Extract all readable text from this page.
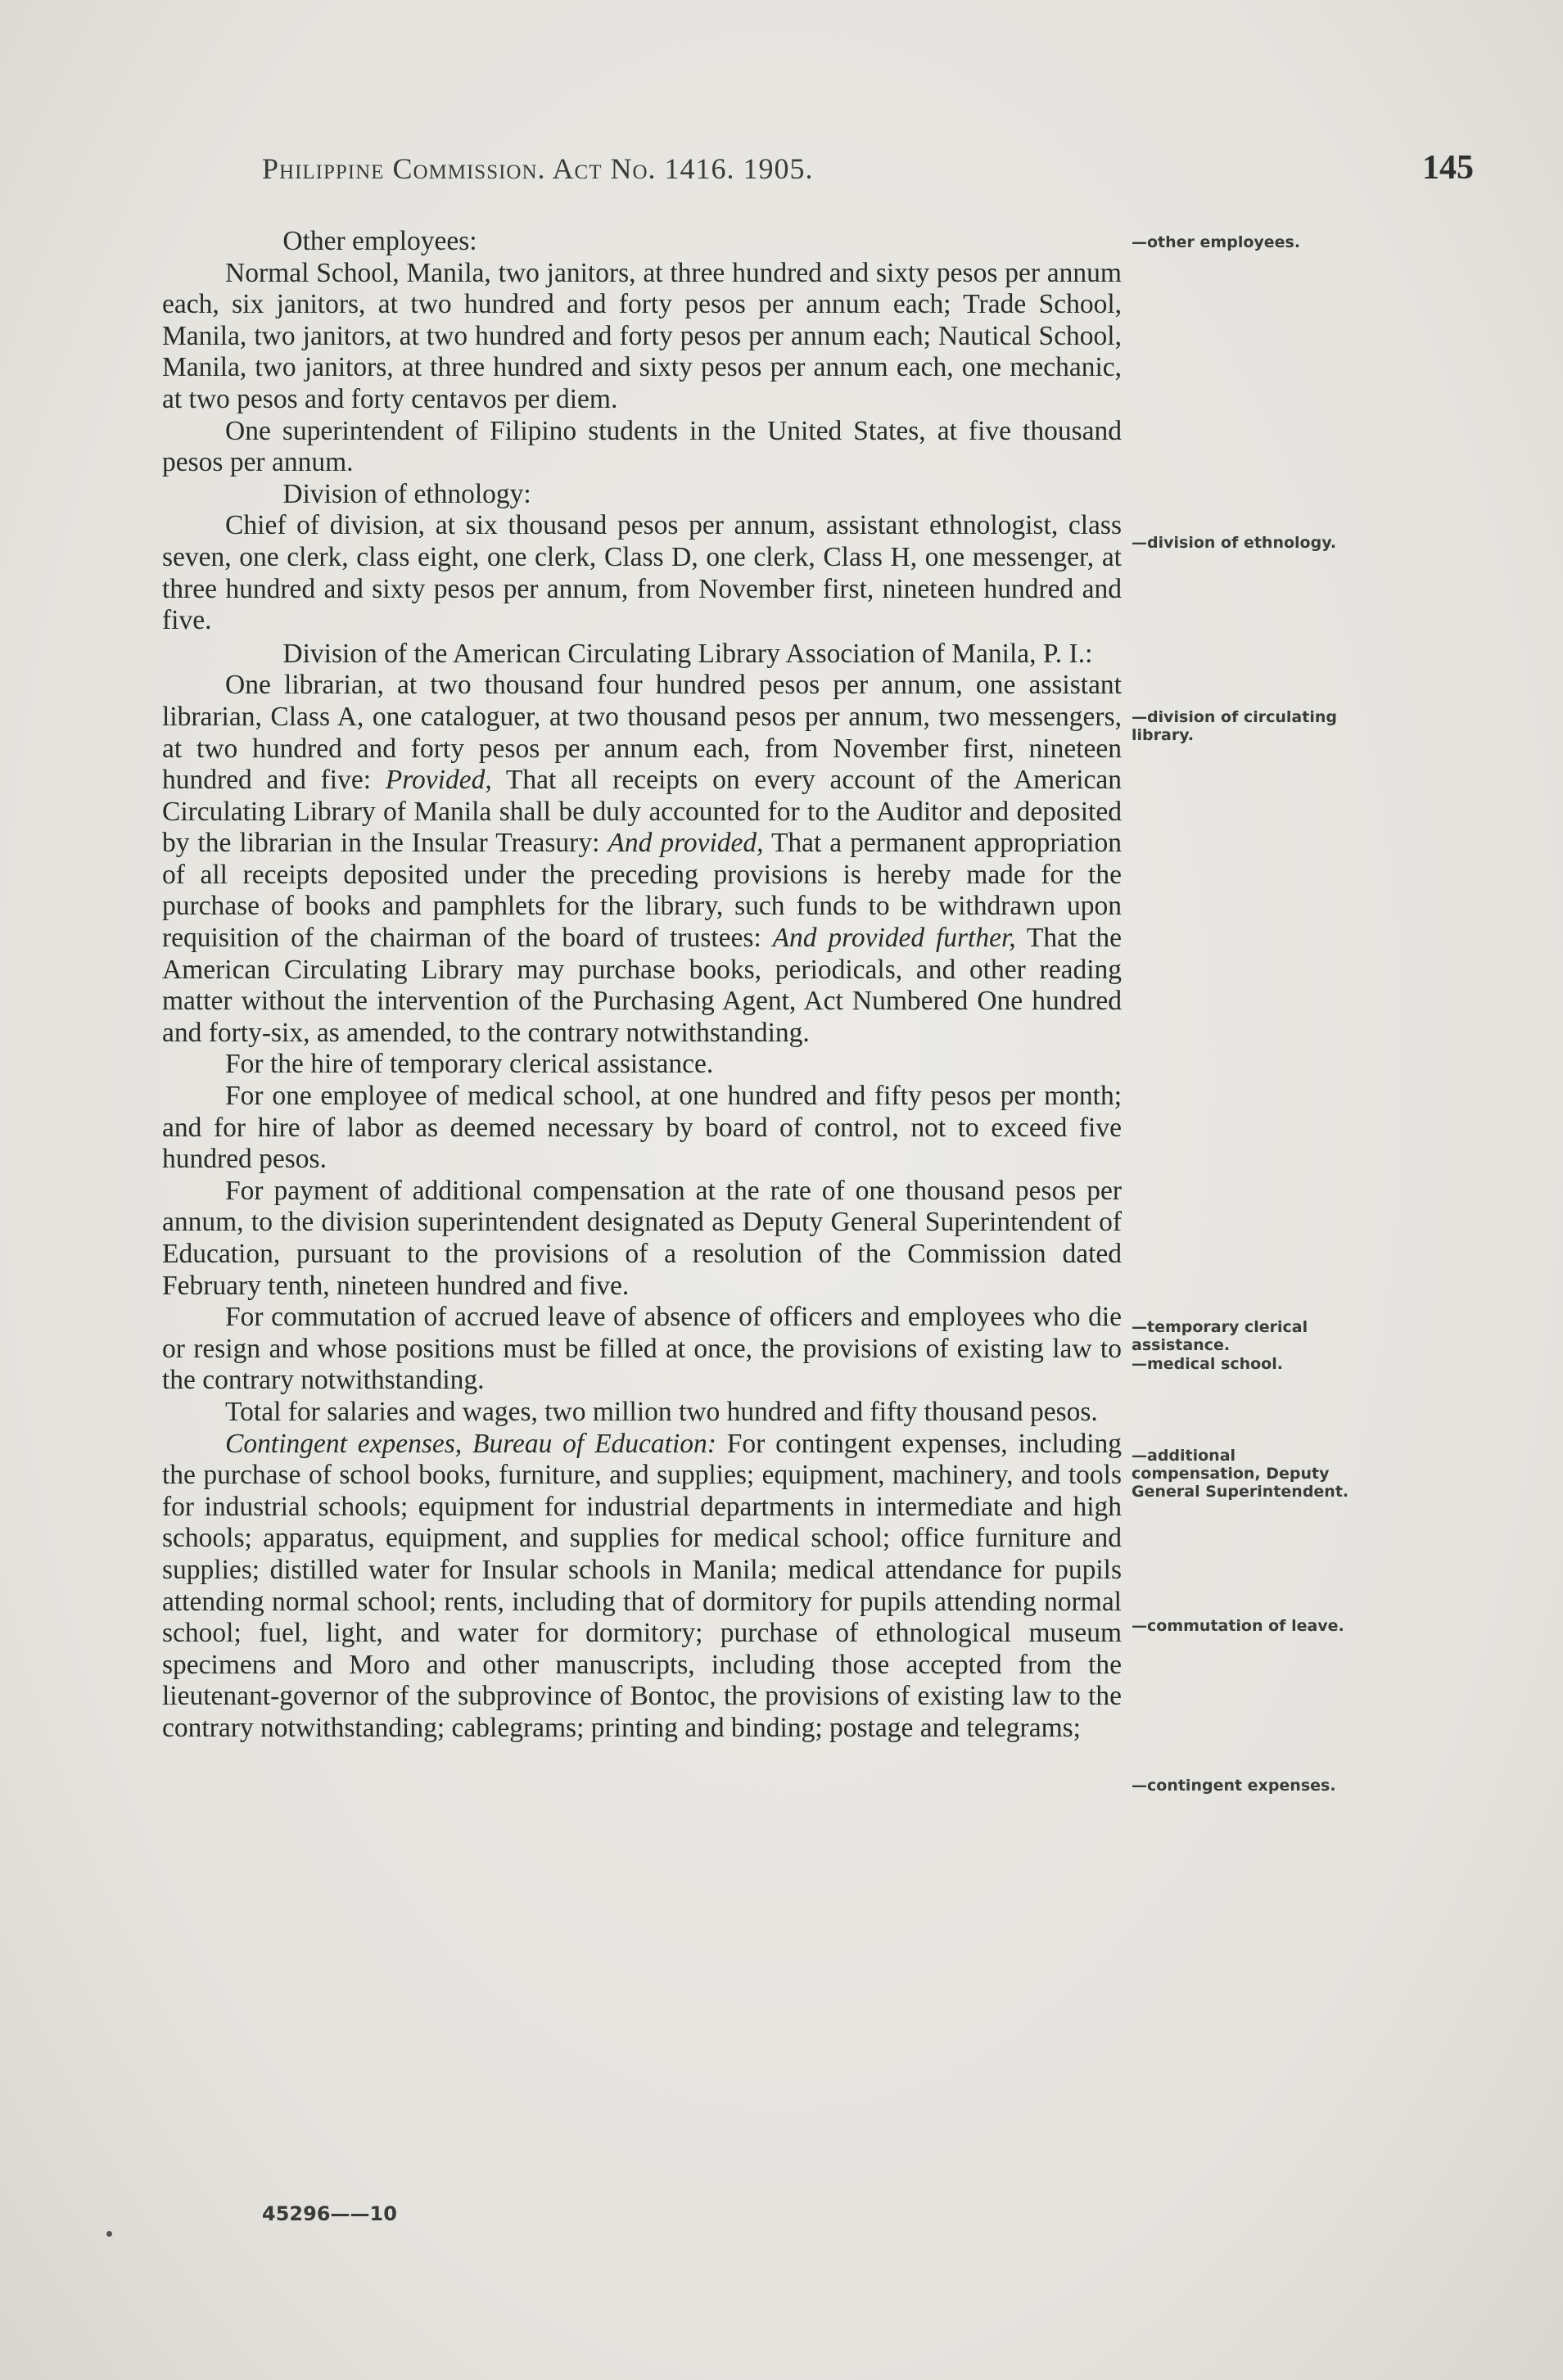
Philippine Commission. Act No. 1416. 1905.	145

Other employees:

Normal School, Manila, two janitors, at three hundred and sixty pesos per annum each, six janitors, at two hundred and forty pesos per annum each; Trade School, Manila, two janitors, at two hundred and forty pesos per annum each; Nautical School, Manila, two janitors, at three hundred and sixty pesos per annum each, one mechanic, at two pesos and forty centavos per diem.

One superintendent of Filipino students in the United States, at five thousand pesos per annum.

Division of ethnology:

Chief of division, at six thousand pesos per annum, assistant ethnologist, class seven, one clerk, class eight, one clerk, Class D, one clerk, Class H, one messenger, at three hundred and sixty pesos per annum, from November first, nineteen hundred and five.

Division of the American Circulating Library Association of Manila, P. I.:

One librarian, at two thousand four hundred pesos per annum, one assistant librarian, Class A, one cataloguer, at two thousand pesos per annum, two messengers, at two hundred and forty pesos per annum each, from November first, nineteen hundred and five: Provided, That all receipts on every account of the American Circulating Library of Manila shall be duly accounted for to the Auditor and deposited by the librarian in the Insular Treasury: And provided, That a permanent appropriation of all receipts deposited under the preceding provisions is hereby made for the purchase of books and pamphlets for the library, such funds to be withdrawn upon requisition of the chairman of the board of trustees: And provided further, That the American Circulating Library may purchase books, periodicals, and other reading matter without the intervention of the Purchasing Agent, Act Numbered One hundred and forty-six, as amended, to the contrary notwithstanding.

For the hire of temporary clerical assistance.

For one employee of medical school, at one hundred and fifty pesos per month; and for hire of labor as deemed necessary by board of control, not to exceed five hundred pesos.

For payment of additional compensation at the rate of one thousand pesos per annum, to the division superintendent designated as Deputy General Superintendent of Education, pursuant to the provisions of a resolution of the Commission dated February tenth, nineteen hundred and five.

For commutation of accrued leave of absence of officers and employees who die or resign and whose positions must be filled at once, the provisions of existing law to the contrary notwithstanding.

Total for salaries and wages, two million two hundred and fifty thousand pesos.

Contingent expenses, Bureau of Education: For contingent expenses, including the purchase of school books, furniture, and supplies; equipment, machinery, and tools for industrial schools; equipment for industrial departments in intermediate and high schools; apparatus, equipment, and supplies for medical school; office furniture and supplies; distilled water for Insular schools in Manila; medical attendance for pupils attending normal school; rents, including that of dormitory for pupils attending normal school; fuel, light, and water for dormitory; purchase of ethnological museum specimens and Moro and other manuscripts, including those accepted from the lieutenant-governor of the subprovince of Bontoc, the provisions of existing law to the contrary notwithstanding; cablegrams; printing and binding; postage and telegrams;

—other employees.
—division of ethnology.
—division of circulating library.
—temporary clerical assistance.
—medical school.
—additional compensation, Deputy General Superintendent.
—commutation of leave.
—contingent expenses.
45296——10
